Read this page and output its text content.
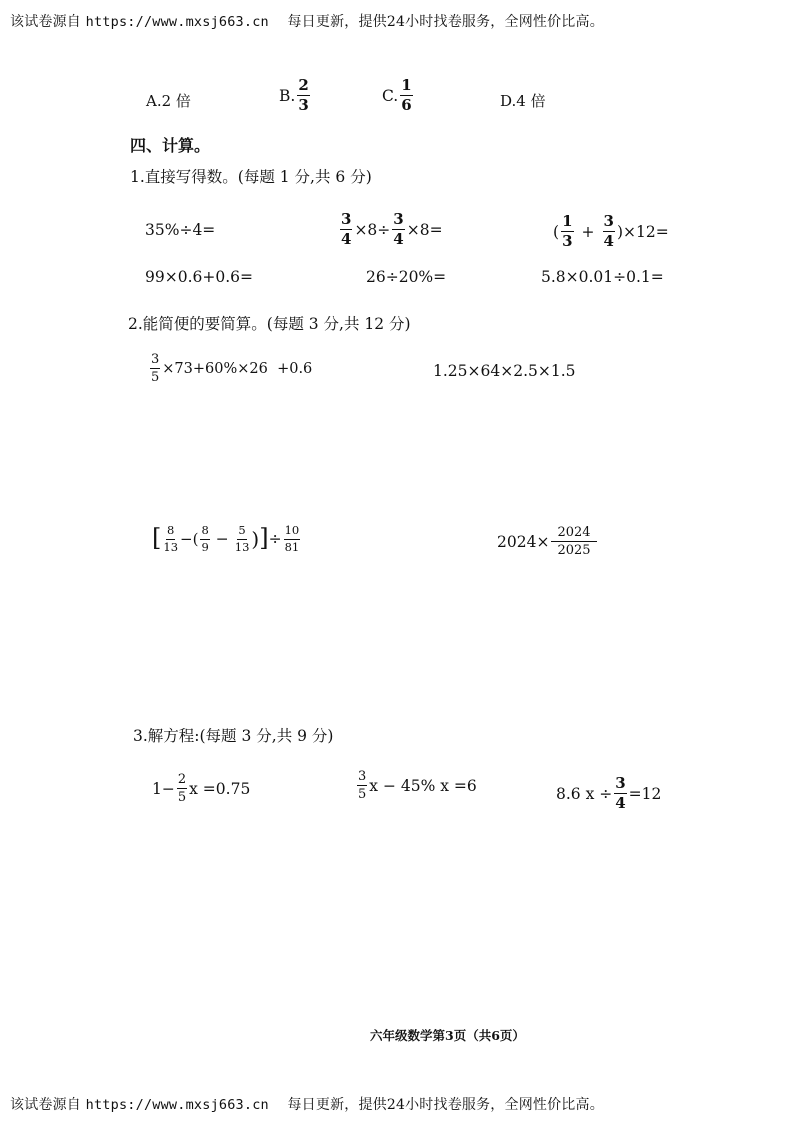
该试卷源自 https://www.mxsj663.cn 每日更新，提供24小时找卷服务，全网性价比高。
A.2 倍	B. $\frac{2}{3}$	C. $\frac{1}{6}$	D.4 倍
四、计算。
1.直接写得数。(每题 1 分,共 6 分)
35%÷4=	$\frac{3}{4} \times 8\div \frac{3}{4} \times 8=$	( $\frac{1}{3} + \frac{3}{4} )\times 12=$
99×0.6+0.6=	26÷20%=	5.8×0.01÷0.1=
2.能简便的要简算。(每题 3 分,共 12 分)
$\frac{3}{5} \times 73+60\%\times 26 +0.6$	1.25×64×2.5×1.5
[ $\frac{8}{13}$ −( $\frac{8}{9} - \frac{5}{13}$ ) ] ÷ $\frac{10}{81}$	$2024\times \frac{2024}{2025}$
3.解方程:(每题 3 分,共 9 分)
$1- \frac{2}{5}$ x =0.75	$\frac{3}{5}$ x − 45% x =6	8.6 $x \div \frac{3}{4} =12$
六年级数学第3页（共6页）
该试卷源自 https://www.mxsj663.cn 每日更新，提供24小时找卷服务，全网性价比高。
